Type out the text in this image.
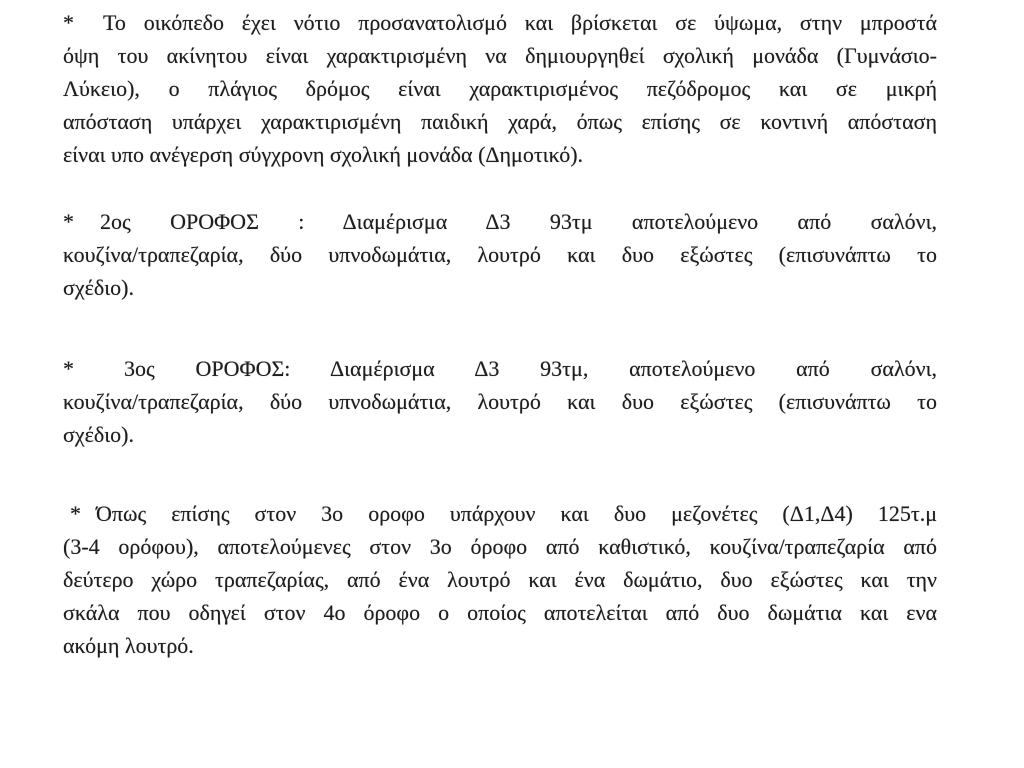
* Το οικόπεδο έχει νότιο προσανατολισμό και βρίσκεται σε ύψωμα, στην μπροστά
όψη του ακίνητου είναι χαρακτιρισμένη να δημιουργηθεί σχολική μονάδα (Γυμνάσιο-
Λύκειο), ο πλάγιος δρόμος είναι χαρακτιρισμένος πεζόδρομος και σε μικρή
απόσταση υπάρχει χαρακτιρισμένη παιδική χαρά, όπως επίσης σε κοντινή απόσταση
είναι υπο ανέγερση σύγχρονη σχολική μονάδα (Δημοτικό).
* 2ος ΟΡΟΦΟΣ : Διαμέρισμα Δ3 93τμ αποτελούμενο από σαλόνι,
κουζίνα/τραπεζαρία, δύο υπνοδωμάτια, λουτρό και δυο εξώστες (επισυνάπτω το
σχέδιο).
* 3ος ΟΡΟΦΟΣ: Διαμέρισμα Δ3 93τμ, αποτελούμενο από σαλόνι,
κουζίνα/τραπεζαρία, δύο υπνοδωμάτια, λουτρό και δυο εξώστες (επισυνάπτω το
σχέδιο).
* Όπως επίσης στον 3ο οροφο υπάρχουν και δυο μεζονέτες (Δ1,Δ4) 125τ.μ
(3-4 ορόφου), αποτελούμενες στον 3ο όροφο από καθιστικό, κουζίνα/τραπεζαρία από
δεύτερο χώρο τραπεζαρίας, από ένα λουτρό και ένα δωμάτιο, δυο εξώστες και την
σκάλα που οδηγεί στον 4ο όροφο ο οποίος αποτελείται από δυο δωμάτια και ενα
ακόμη λουτρό.
